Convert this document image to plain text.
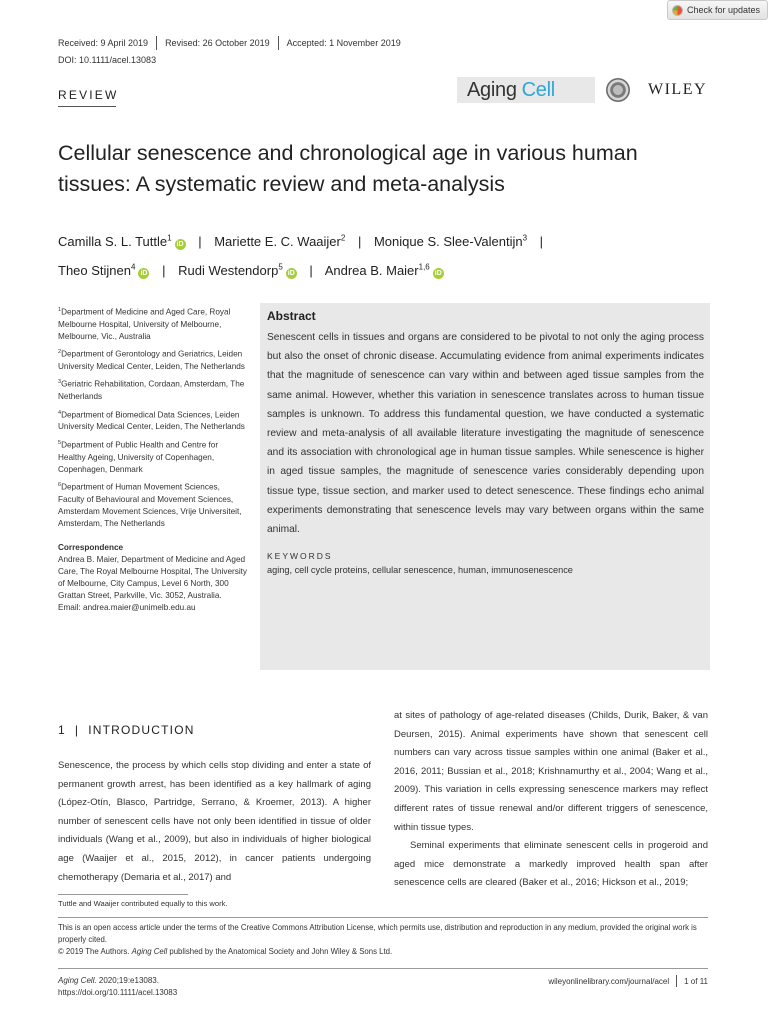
Check for updates
Received: 9 April 2019 Revised: 26 October 2019 Accepted: 1 November 2019
DOI: 10.1111/acel.13083
REVIEW	Aging Cell	WILEY
Cellular senescence and chronological age in various human tissues: A systematic review and meta-analysis
Camilla S. L. Tuttle$^1$iD | Mariette E. C. Waaijer$^2$ | Monique S. Slee-Valentijn$^3$ |
Theo Stijnen$^4$iD | Rudi Westendorp$^5$iD | Andrea B. Maier$^{1,6}$iD
$^1$Department of Medicine and Aged Care, Royal Melbourne Hospital, University of Melbourne, Melbourne, Vic., Australia
$^2$Department of Gerontology and Geriatrics, Leiden University Medical Center, Leiden, The Netherlands
$^3$Geriatric Rehabilitation, Cordaan, Amsterdam, The Netherlands
$^4$Department of Biomedical Data Sciences, Leiden University Medical Center, Leiden, The Netherlands
$^5$Department of Public Health and Centre for Healthy Ageing, University of Copenhagen, Copenhagen, Denmark
$^6$Department of Human Movement Sciences, Faculty of Behavioural and Movement Sciences, Amsterdam Movement Sciences, Vrije Universiteit, Amsterdam, The Netherlands
Correspondence
Andrea B. Maier, Department of Medicine and Aged Care, The Royal Melbourne Hospital, The University of Melbourne, City Campus, Level 6 North, 300 Grattan Street, Parkville, Vic. 3052, Australia.
Email: andrea.maier@unimelb.edu.au
Abstract
Senescent cells in tissues and organs are considered to be pivotal to not only the aging process but also the onset of chronic disease. Accumulating evidence from animal experiments indicates that the magnitude of senescence can vary within and between aged tissue samples from the same animal. However, whether this variation in senescence translates across to human tissue samples is unknown. To address this fundamental question, we have conducted a systematic review and meta-analysis of all available literature investigating the magnitude of senescence and its association with chronological age in human tissue samples. While senescence is higher in aged tissue samples, the magnitude of senescence varies considerably depending upon tissue type, tissue section, and marker used to detect senescence. These findings echo animal experiments demonstrating that senescence levels may vary between organs within the same animal.
KEYWORDS
aging, cell cycle proteins, cellular senescence, human, immunosenescence
1 | INTRODUCTION
Senescence, the process by which cells stop dividing and enter a state of permanent growth arrest, has been identified as a key hallmark of aging (López-Otín, Blasco, Partridge, Serrano, & Kroemer, 2013). A higher number of senescent cells have not only been identified in tissue of older individuals (Wang et al., 2009), but also in individuals of higher biological age (Waaijer et al., 2015, 2012), in cancer patients undergoing chemotherapy (Demaria et al., 2017) and
at sites of pathology of age-related diseases (Childs, Durik, Baker, & van Deursen, 2015). Animal experiments have shown that senescent cell numbers can vary across tissue samples within one animal (Baker et al., 2016, 2011; Bussian et al., 2018; Krishnamurthy et al., 2004; Wang et al., 2009). This variation in cells expressing senescence markers may reflect different rates of tissue renewal and/or different triggers of senescence, within tissue types.
Seminal experiments that eliminate senescent cells in progeroid and aged mice demonstrate a markedly improved health span after senescence cells are cleared (Baker et al., 2016; Hickson et al., 2019;
Tuttle and Waaijer contributed equally to this work.
This is an open access article under the terms of the Creative Commons Attribution License, which permits use, distribution and reproduction in any medium, provided the original work is properly cited.
© 2019 The Authors. Aging Cell published by the Anatomical Society and John Wiley & Sons Ltd.
Aging Cell. 2020;19:e13083.
https://doi.org/10.1111/acel.13083
wileyonlinelibrary.com/journal/acel 1 of 11
